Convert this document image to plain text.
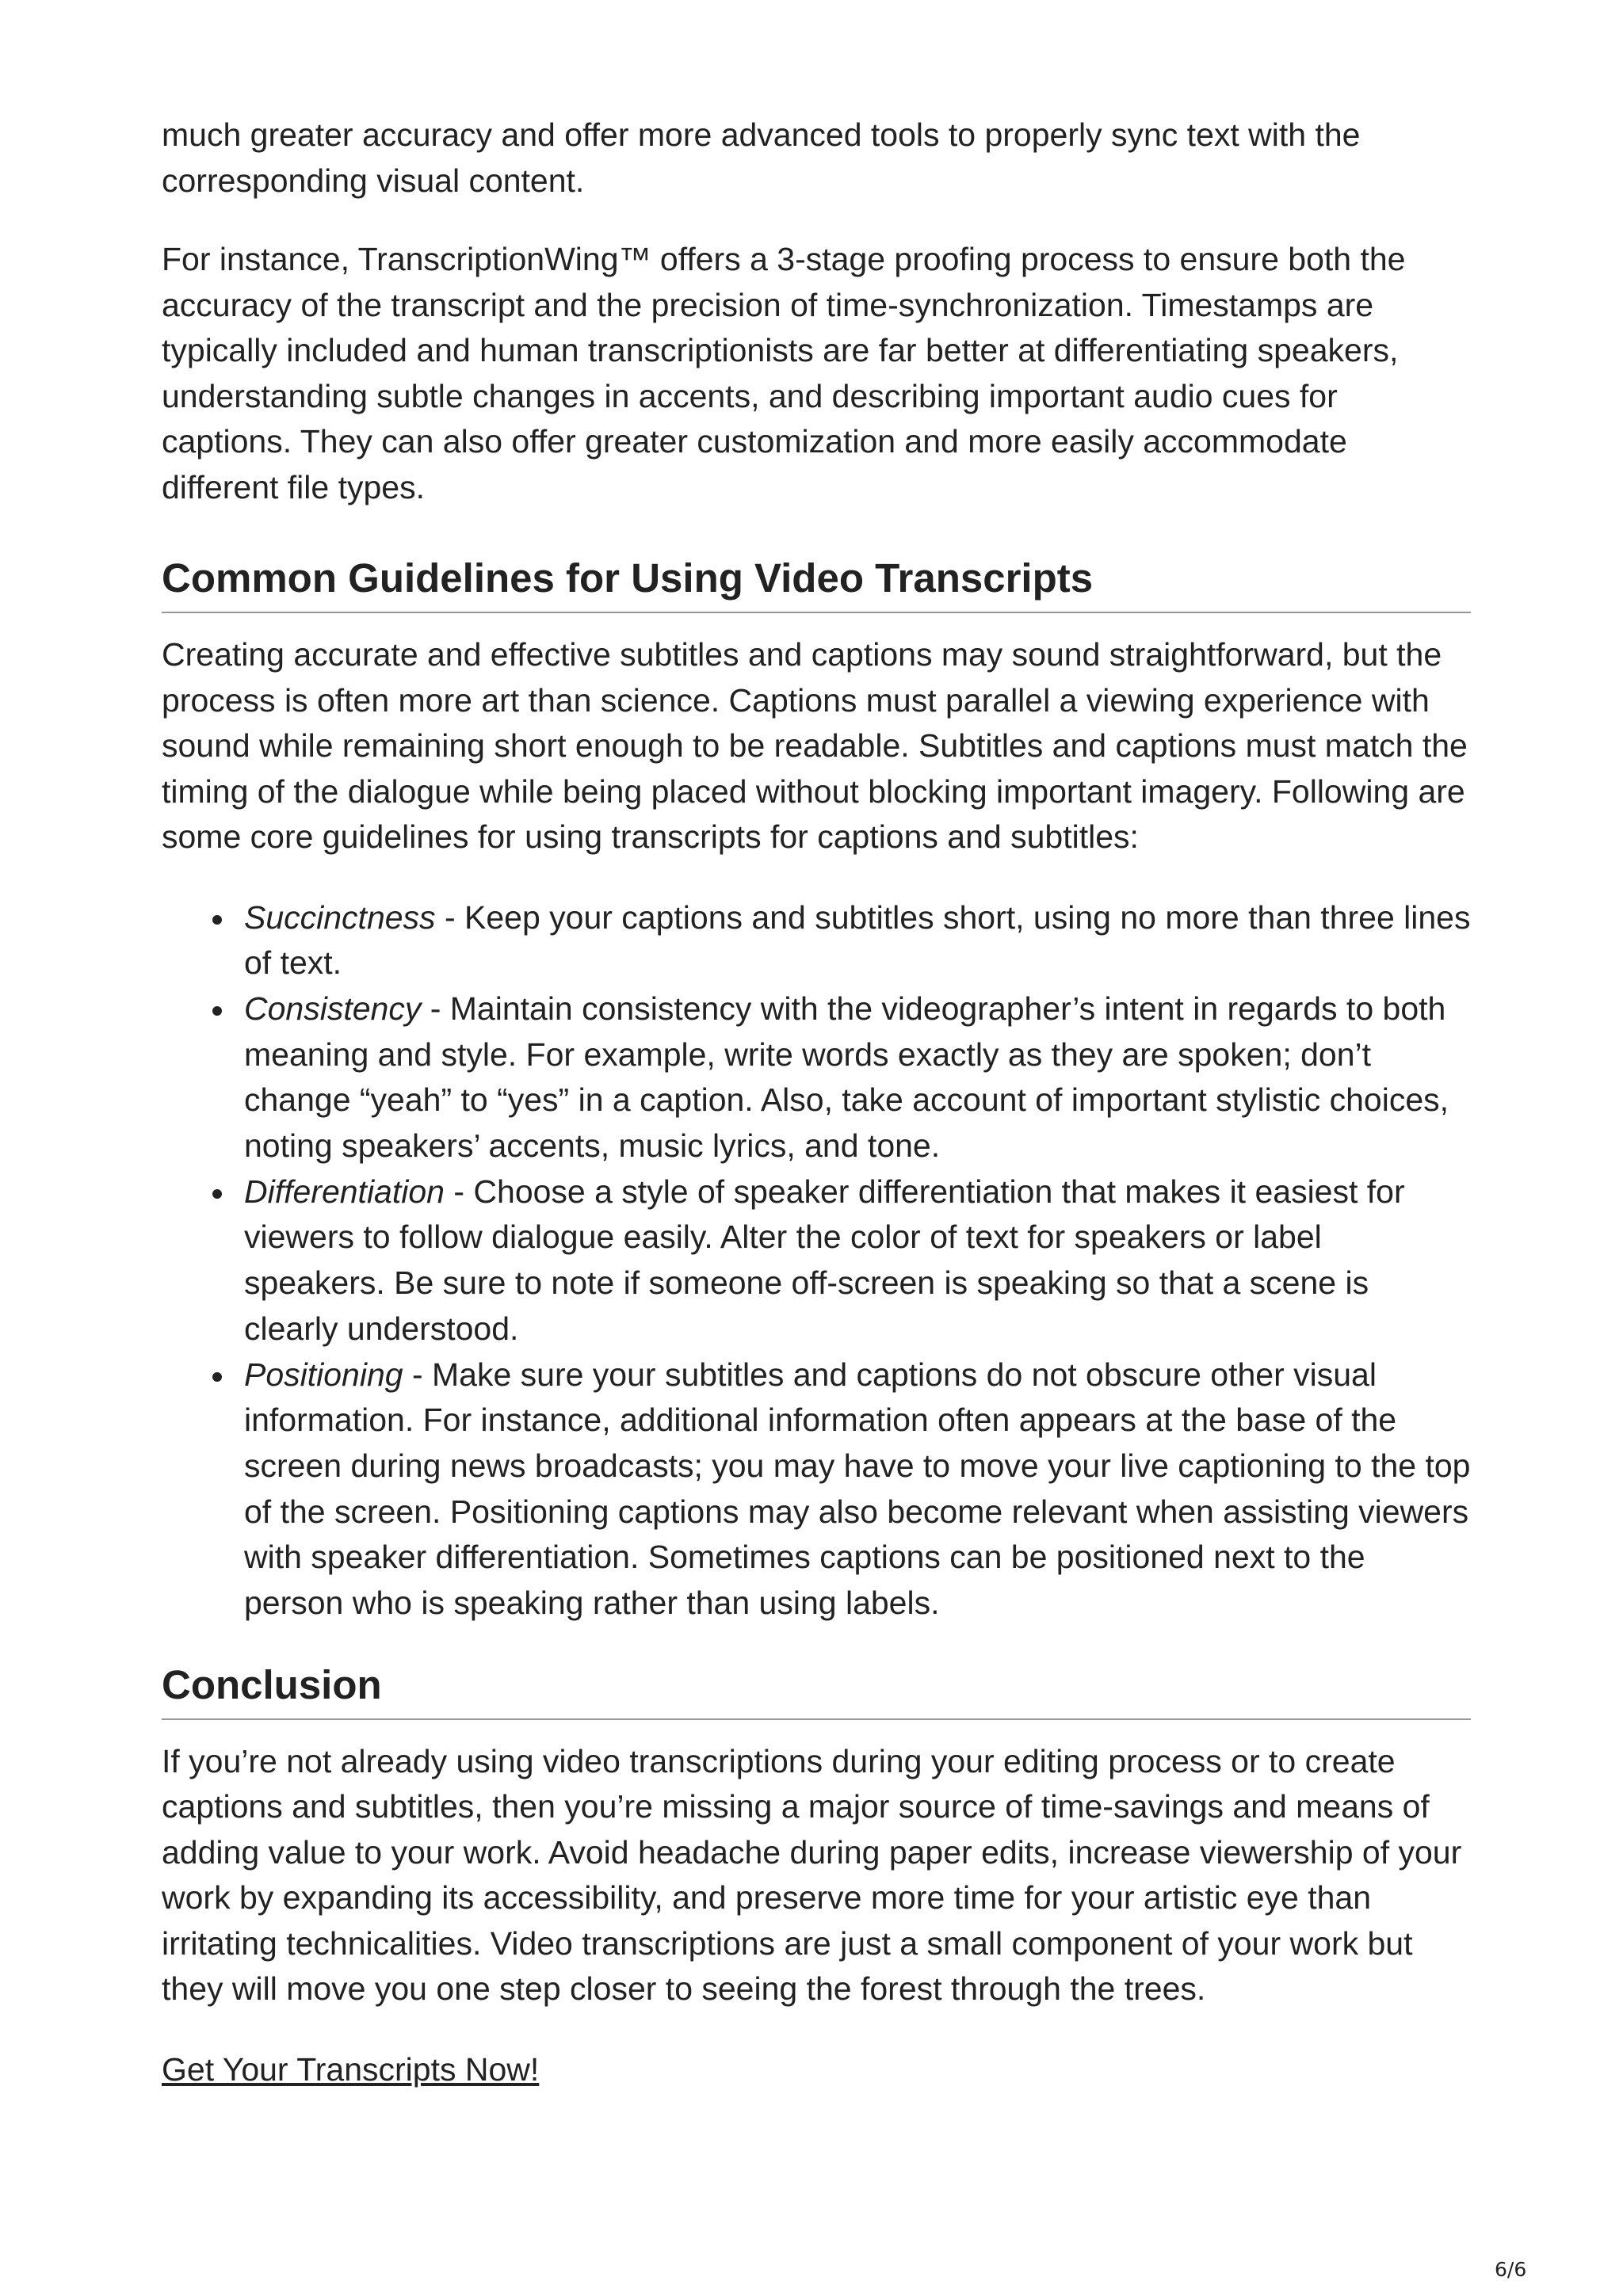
much greater accuracy and offer more advanced tools to properly sync text with the corresponding visual content.

For instance, TranscriptionWing™ offers a 3-stage proofing process to ensure both the accuracy of the transcript and the precision of time-synchronization. Timestamps are typically included and human transcriptionists are far better at differentiating speakers, understanding subtle changes in accents, and describing important audio cues for captions. They can also offer greater customization and more easily accommodate different file types.

Common Guidelines for Using Video Transcripts

Creating accurate and effective subtitles and captions may sound straightforward, but the process is often more art than science. Captions must parallel a viewing experience with sound while remaining short enough to be readable. Subtitles and captions must match the timing of the dialogue while being placed without blocking important imagery. Following are some core guidelines for using transcripts for captions and subtitles:

Succinctness - Keep your captions and subtitles short, using no more than three lines of text.
Consistency - Maintain consistency with the videographer’s intent in regards to both meaning and style. For example, write words exactly as they are spoken; don’t change “yeah” to “yes” in a caption. Also, take account of important stylistic choices, noting speakers’ accents, music lyrics, and tone.
Differentiation - Choose a style of speaker differentiation that makes it easiest for viewers to follow dialogue easily. Alter the color of text for speakers or label speakers. Be sure to note if someone off-screen is speaking so that a scene is clearly understood.
Positioning - Make sure your subtitles and captions do not obscure other visual information. For instance, additional information often appears at the base of the screen during news broadcasts; you may have to move your live captioning to the top of the screen. Positioning captions may also become relevant when assisting viewers with speaker differentiation. Sometimes captions can be positioned next to the person who is speaking rather than using labels.
Conclusion

If you’re not already using video transcriptions during your editing process or to create captions and subtitles, then you’re missing a major source of time-savings and means of adding value to your work. Avoid headache during paper edits, increase viewership of your work by expanding its accessibility, and preserve more time for your artistic eye than irritating technicalities. Video transcriptions are just a small component of your work but they will move you one step closer to seeing the forest through the trees.

Get Your Transcripts Now!
6/6
